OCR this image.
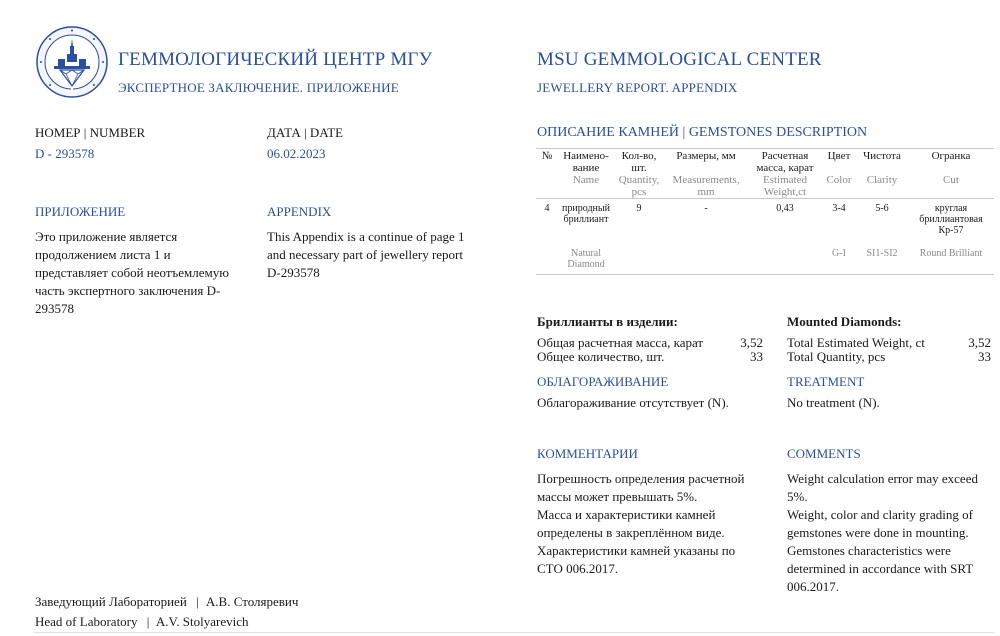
ГЕММОЛОГИЧЕСКИЙ ЦЕНТР МГУ
ЭКСПЕРТНОЕ ЗАКЛЮЧЕНИЕ. ПРИЛОЖЕНИЕ
MSU GEMMOLOGICAL CENTER
JEWELLERY REPORT. APPENDIX
НОМЕР | NUMBER
D - 293578
ДАТА | DATE
06.02.2023
ПРИЛОЖЕНИЕ
Это приложение является продолжением листа 1 и представляет собой неотъемлемую часть экспертного заключения D-293578
APPENDIX
This Appendix is a continue of page 1 and necessary part of jewellery report D-293578
ОПИСАНИЕ КАМНЕЙ | GEMSTONES DESCRIPTION
№	Наимено-вание	Кол-во, шт.	Размеры, мм	Расчетная масса, карат	Цвет	Чистота	Огранка
	Name	Quantity, pcs	Measurements, mm	Estimated Weight,ct	Color	Clarity	Cut
4	природный бриллиант	9	-	0,43	3-4	5-6	круглая бриллиантовая Кр-57
	Natural Diamond				G-I	SI1-SI2	Round Brilliant
Бриллианты в изделии:
Общая расчетная масса, карат	3,52
Общее количество, шт.	33
Mounted Diamonds:
Total Estimated Weight, ct	3,52
Total Quantity, pcs	33
ОБЛАГОРАЖИВАНИЕ
Облагораживание отсутствует (N).
TREATMENT
No treatment (N).
КОММЕНТАРИИ
Погрешность определения расчетной массы может превышать 5%.
Масса и характеристики камней определены в закреплённом виде.
Характеристики камней указаны по СТО 006.2017.
COMMENTS
Weight calculation error may exceed 5%.
Weight, color and clarity grading of gemstones were done in mounting.
Gemstones characteristics were determined in accordance with SRT 006.2017.
Заведующий Лабораторией | А.В. Столяревич
Head of Laboratory | A.V. Stolyarevich
